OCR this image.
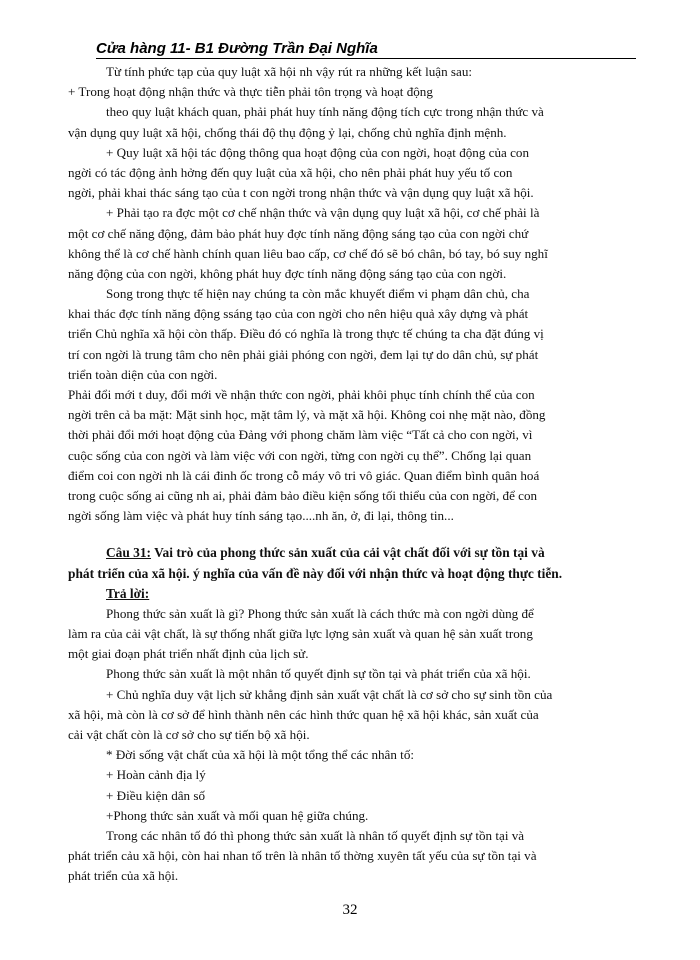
Cửa hàng 11- B1 Đường Trần Đại Nghĩa
Từ tính phức tạp của quy luật xã hội nh vậy rút ra những kết luận sau:
+ Trong hoạt động nhận thức và thực tiễn phải tôn trọng và hoạt động
theo quy luật khách quan, phải phát huy tính năng động tích cực trong nhận thức và
vận dụng quy luật xã hội, chống thái độ thụ động ỷ lại, chống chủ nghĩa định mệnh.
+ Quy luật xã hội tác động thông qua hoạt động của con ngời, hoạt động của con
ngời có tác động ảnh hởng đến quy luật của xã hội, cho nên phải phát huy yếu tố con
ngời, phải khai thác sáng tạo của t con ngời trong nhận thức và vận dụng quy luật xã hội.
+ Phải tạo ra đợc một cơ chế nhận thức và vận dụng quy luật xã hội, cơ chế phải là
một cơ chế năng động, đảm bảo phát huy đợc tính năng động sáng tạo của con ngời chứ
không thể là cơ chế hành chính quan liêu bao cấp, cơ chế đó sẽ bó chân, bó tay, bó suy nghĩ
năng động của con ngời, không phát huy đợc tính năng động sáng tạo của con ngời.
Song trong thực tế hiện nay chúng ta còn mắc khuyết điểm vi phạm dân chủ, cha
khai thác đợc tính năng động ssáng tạo của con ngời cho nên hiệu quả xây dựng và phát
triển Chủ nghĩa xã hội còn thấp. Điều đó có nghĩa là trong thực tế chúng ta cha đặt đúng vị
trí con ngời là trung tâm cho nên phải giải phóng con ngời, đem lại tự do dân chủ, sự phát
triển toàn diện của con ngời.
Phải đổi mới t duy, đổi mới về nhận thức con ngời, phải khôi phục tính chính thể của con
ngời trên cả ba mặt: Mặt sinh học, mặt tâm lý, và mặt xã hội. Không coi nhẹ mặt nào, đồng
thời phải đổi mới hoạt động của Đảng với phong chăm làm việc “Tất cả cho con ngời, vì
cuộc sống của con ngời và làm việc với con ngời, từng con ngời cụ thể”. Chống lại quan
điểm coi con ngời nh là cái đinh ốc trong cỗ máy vô tri vô giác. Quan điểm bình quân hoá
trong cuộc sống ai cũng nh ai, phải đảm bảo điều kiện sống tối thiểu của con ngời, để con
ngời sống làm việc và phát huy tính sáng tạo....nh ăn, ở, đi lại, thông tin...
Câu 31: Vai trò của phong thức sản xuất của cải vật chất đối với sự tồn tại và
phát triển của xã hội. ý nghĩa của vấn đề này đối với nhận thức và hoạt động thực tiễn.
Trả lời:
Phong thức sản xuất là gì? Phong thức sản xuất là cách thức mà con ngời dùng để
làm ra của cải vật chất, là sự thống nhất giữa lực lợng sản xuất và quan hệ sản xuất trong
một giai đoạn phát triển nhất định của lịch sử.
Phong thức sản xuất là một nhân tố quyết định sự tồn tại và phát triển của xã hội.
+ Chủ nghĩa duy vật lịch sử khẳng định sản xuất vật chất là cơ sở cho sự sinh tồn của
xã hội, mà còn là cơ sở để hình thành nên các hình thức quan hệ xã hội khác, sản xuất của
cải vật chất còn là cơ sở cho sự tiến bộ xã hội.
* Đời sống vật chất của xã hội là một tổng thể các nhân tố:
+ Hoàn cảnh địa lý
+ Điều kiện dân số
+Phong thức sản xuất và mối quan hệ giữa chúng.
Trong các nhân tố đó thì phong thức sản xuất là nhân tố quyết định sự tồn tại và
phát triển cảu xã hội, còn hai nhan tố trên là nhân tố thờng xuyên tất yếu của sự tồn tại và
phát triển của xã hội.
32
